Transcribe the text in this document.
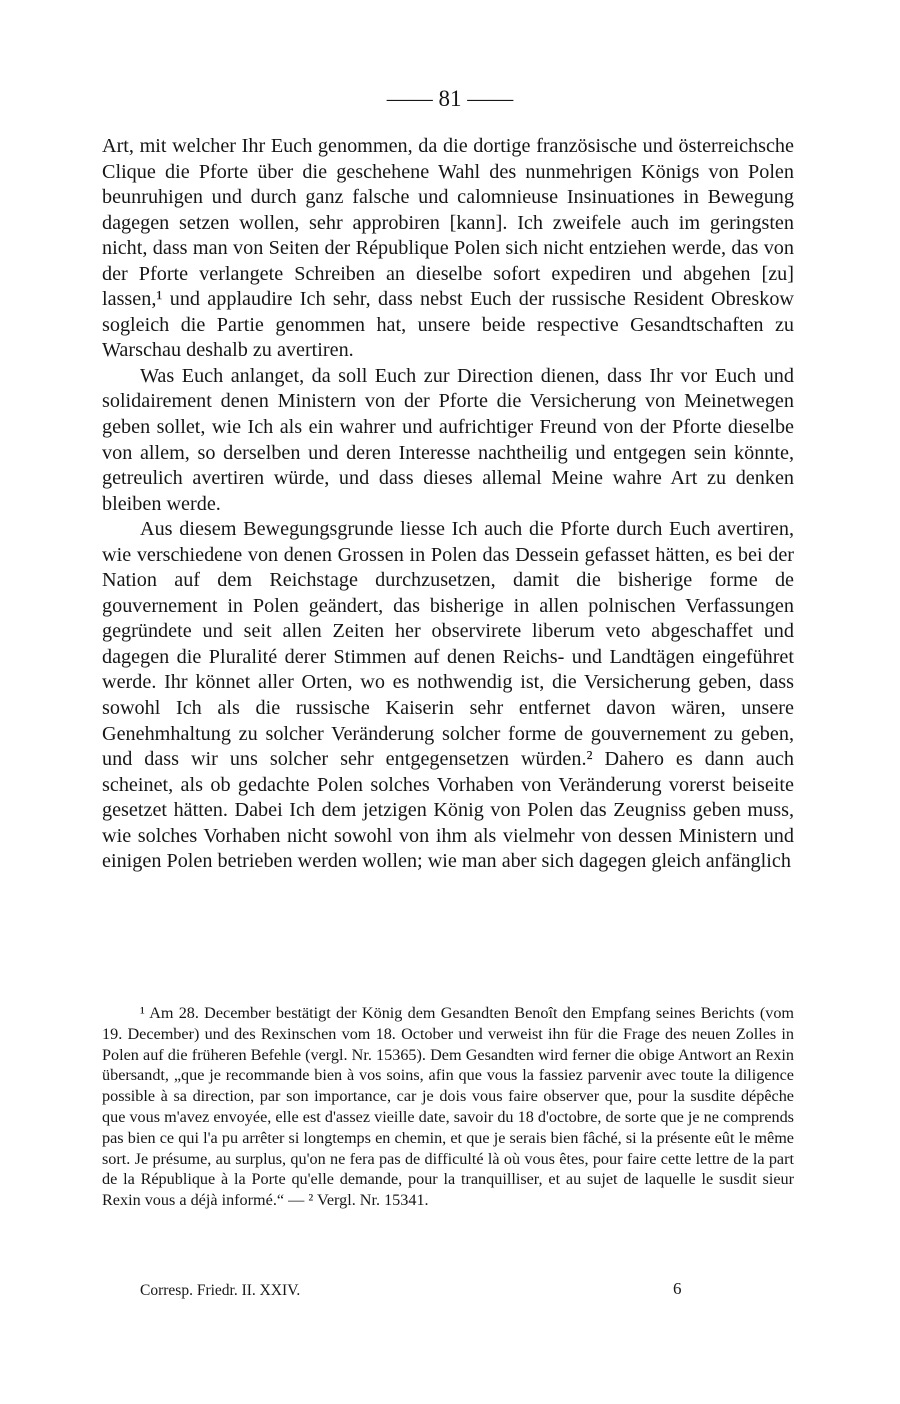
—— 81 ——

Art, mit welcher Ihr Euch genommen, da die dortige französische und österreichsche Clique die Pforte über die geschehene Wahl des nunmehrigen Königs von Polen beunruhigen und durch ganz falsche und calomnieuse Insinuationes in Bewegung dagegen setzen wollen, sehr approbiren [kann]. Ich zweifele auch im geringsten nicht, dass man von Seiten der République Polen sich nicht entziehen werde, das von der Pforte verlangete Schreiben an dieselbe sofort expediren und abgehen [zu] lassen,¹ und applaudire Ich sehr, dass nebst Euch der russische Resident Obreskow sogleich die Partie genommen hat, unsere beide respective Gesandtschaften zu Warschau deshalb zu avertiren.

Was Euch anlanget, da soll Euch zur Direction dienen, dass Ihr vor Euch und solidairement denen Ministern von der Pforte die Versicherung von Meinetwegen geben sollet, wie Ich als ein wahrer und aufrichtiger Freund von der Pforte dieselbe von allem, so derselben und deren Interesse nachtheilig und entgegen sein könnte, getreulich avertiren würde, und dass dieses allemal Meine wahre Art zu denken bleiben werde.

Aus diesem Bewegungsgrunde liesse Ich auch die Pforte durch Euch avertiren, wie verschiedene von denen Grossen in Polen das Dessein gefasset hätten, es bei der Nation auf dem Reichstage durchzusetzen, damit die bisherige forme de gouvernement in Polen geändert, das bisherige in allen polnischen Verfassungen gegründete und seit allen Zeiten her observirete liberum veto abgeschaffet und dagegen die Pluralité derer Stimmen auf denen Reichs- und Landtägen eingeführet werde. Ihr könnet aller Orten, wo es nothwendig ist, die Versicherung geben, dass sowohl Ich als die russische Kaiserin sehr entfernet davon wären, unsere Genehmhaltung zu solcher Veränderung solcher forme de gouvernement zu geben, und dass wir uns solcher sehr entgegensetzen würden.² Dahero es dann auch scheinet, als ob gedachte Polen solches Vorhaben von Veränderung vorerst beiseite gesetzet hätten. Dabei Ich dem jetzigen König von Polen das Zeugniss geben muss, wie solches Vorhaben nicht sowohl von ihm als vielmehr von dessen Ministern und einigen Polen betrieben werden wollen; wie man aber sich dagegen gleich anfänglich

¹ Am 28. December bestätigt der König dem Gesandten Benoît den Empfang seines Berichts (vom 19. December) und des Rexinschen vom 18. October und verweist ihn für die Frage des neuen Zolles in Polen auf die früheren Befehle (vergl. Nr. 15365). Dem Gesandten wird ferner die obige Antwort an Rexin übersandt, „que je recommande bien à vos soins, afin que vous la fassiez parvenir avec toute la diligence possible à sa direction, par son importance, car je dois vous faire observer que, pour la susdite dépêche que vous m'avez envoyée, elle est d'assez vieille date, savoir du 18 d'octobre, de sorte que je ne comprends pas bien ce qui l'a pu arrêter si longtemps en chemin, et que je serais bien fâché, si la présente eût le même sort. Je présume, au surplus, qu'on ne fera pas de difficulté là où vous êtes, pour faire cette lettre de la part de la République à la Porte qu'elle demande, pour la tranquilliser, et au sujet de laquelle le susdit sieur Rexin vous a déjà informé.“ — ² Vergl. Nr. 15341.

Corresp. Friedr. II. XXIV.	6
